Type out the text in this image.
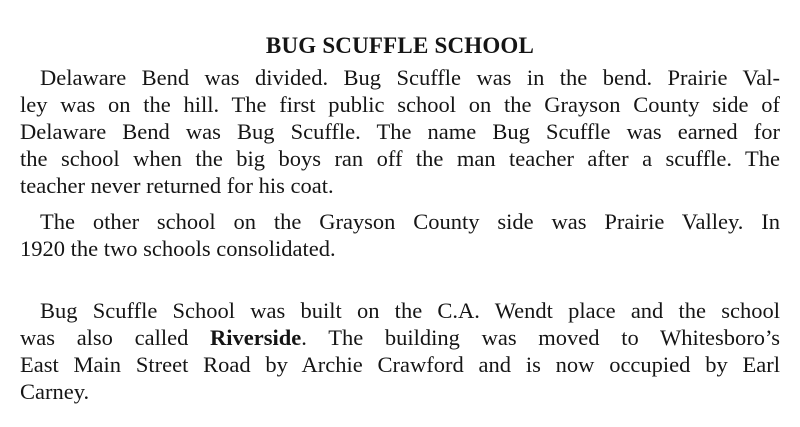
BUG SCUFFLE SCHOOL
Delaware Bend was divided. Bug Scuffle was in the bend. Prairie Val-
ley was on the hill. The first public school on the Grayson County side of
Delaware Bend was Bug Scuffle. The name Bug Scuffle was earned for
the school when the big boys ran off the man teacher after a scuffle. The
teacher never returned for his coat.
The other school on the Grayson County side was Prairie Valley. In
1920 the two schools consolidated.
Bug Scuffle School was built on the C.A. Wendt place and the school
was also called Riverside. The building was moved to Whitesboro’s
East Main Street Road by Archie Crawford and is now occupied by Earl
Carney.
